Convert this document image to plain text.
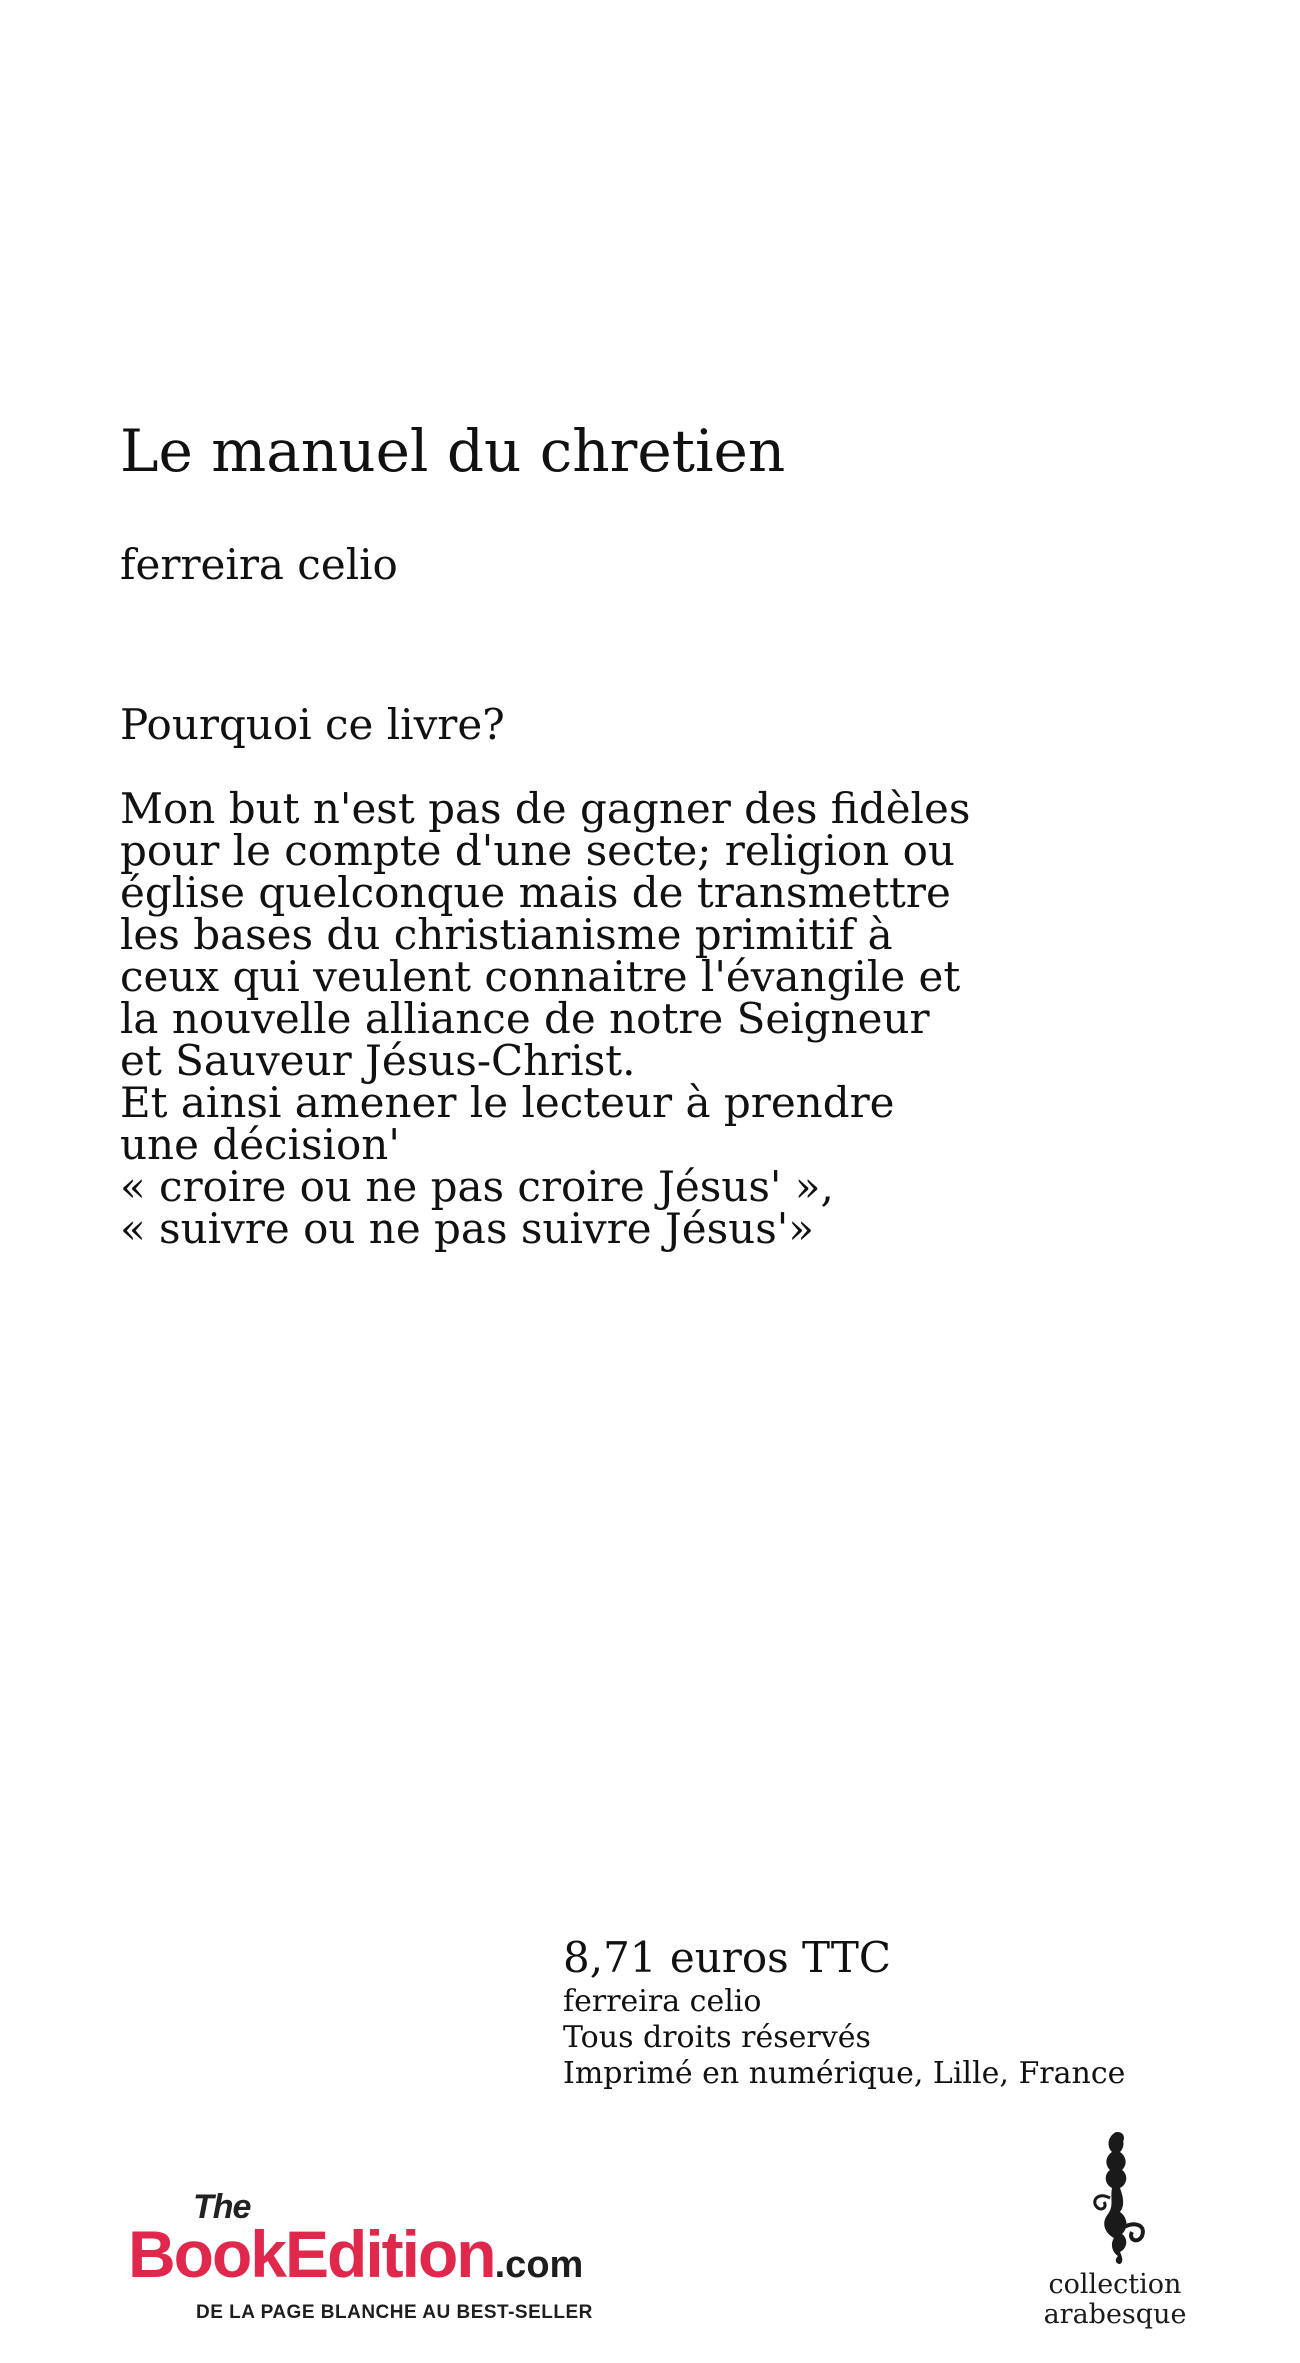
Le manuel du chretien
ferreira celio
Pourquoi ce livre?
Mon but n'est pas de gagner des fidèles
pour le compte d'une secte; religion ou
église quelconque mais de transmettre
les bases du christianisme primitif à
ceux qui veulent connaitre l'évangile et
la nouvelle alliance de notre Seigneur
et Sauveur Jésus-Christ.
Et ainsi amener le lecteur à prendre
une décision'
« croire ou ne pas croire Jésus' »,
« suivre ou ne pas suivre Jésus'»
8,71 euros TTC
ferreira celio
Tous droits réservés
Imprimé en numérique, Lille, France
The
BookEdition.com
DE LA PAGE BLANCHE AU BEST-SELLER
collection
arabesque
